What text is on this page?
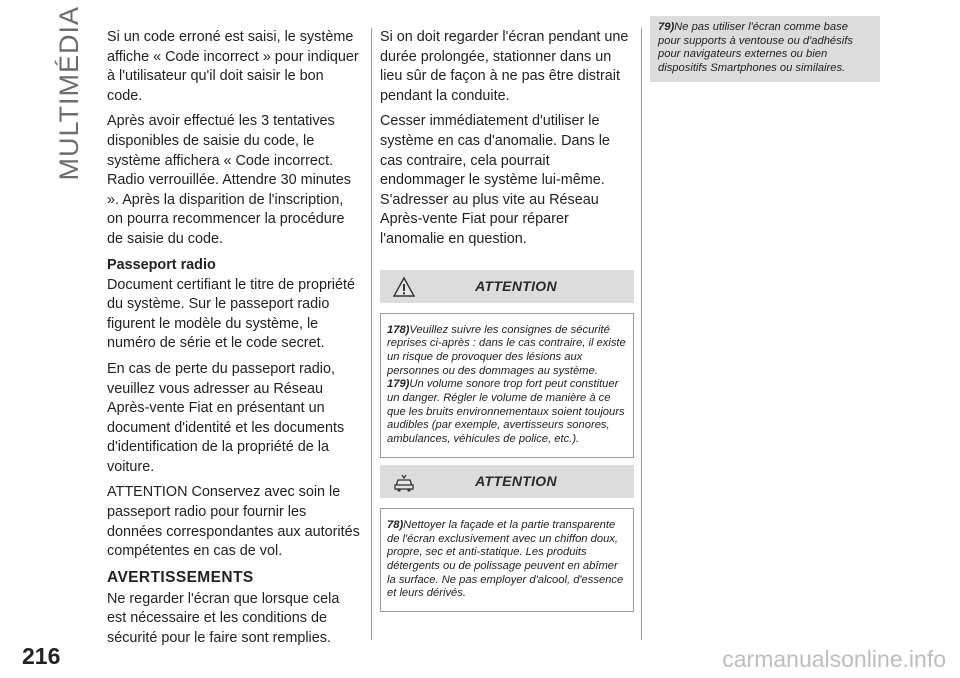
MULTIMÉDIA Si un code erroné est saisi, le système affiche « Code incorrect » pour indiquer à l'utilisateur qu'il doit saisir le bon code.

Après avoir effectué les 3 tentatives disponibles de saisie du code, le système affichera « Code incorrect. Radio verrouillée. Attendre 30 minutes ». Après la disparition de l'inscription, on pourra recommencer la procédure de saisie du code.

Passeport radio

Document certifiant le titre de propriété du système. Sur le passeport radio figurent le modèle du système, le numéro de série et le code secret.

En cas de perte du passeport radio, veuillez vous adresser au Réseau Après-vente Fiat en présentant un document d'identité et les documents d'identification de la propriété de la voiture.

ATTENTION Conservez avec soin le passeport radio pour fournir les données correspondantes aux autorités compétentes en cas de vol.

AVERTISSEMENTS

Ne regarder l'écran que lorsque cela est nécessaire et les conditions de sécurité pour le faire sont remplies.

Si on doit regarder l'écran pendant une durée prolongée, stationner dans un lieu sûr de façon à ne pas être distrait pendant la conduite.

Cesser immédiatement d'utiliser le système en cas d'anomalie. Dans le cas contraire, cela pourrait endommager le système lui-même. S'adresser au plus vite au Réseau Après-vente Fiat pour réparer l'anomalie en question.

ATTENTION

178)Veuillez suivre les consignes de sécurité reprises ci-après : dans le cas contraire, il existe un risque de provoquer des lésions aux personnes ou des dommages au système.

179)Un volume sonore trop fort peut constituer un danger. Régler le volume de manière à ce que les bruits environnementaux soient toujours audibles (par exemple, avertisseurs sonores, ambulances, véhicules de police, etc.).

ATTENTION

78)Nettoyer la façade et la partie transparente de l'écran exclusivement avec un chiffon doux, propre, sec et anti-statique. Les produits détergents ou de polissage peuvent en abîmer la surface. Ne pas employer d'alcool, d'essence et leurs dérivés.

79)Ne pas utiliser l'écran comme base pour supports à ventouse ou d'adhésifs pour navigateurs externes ou bien dispositifs Smartphones ou similaires.

216	carmanualsonline.info
